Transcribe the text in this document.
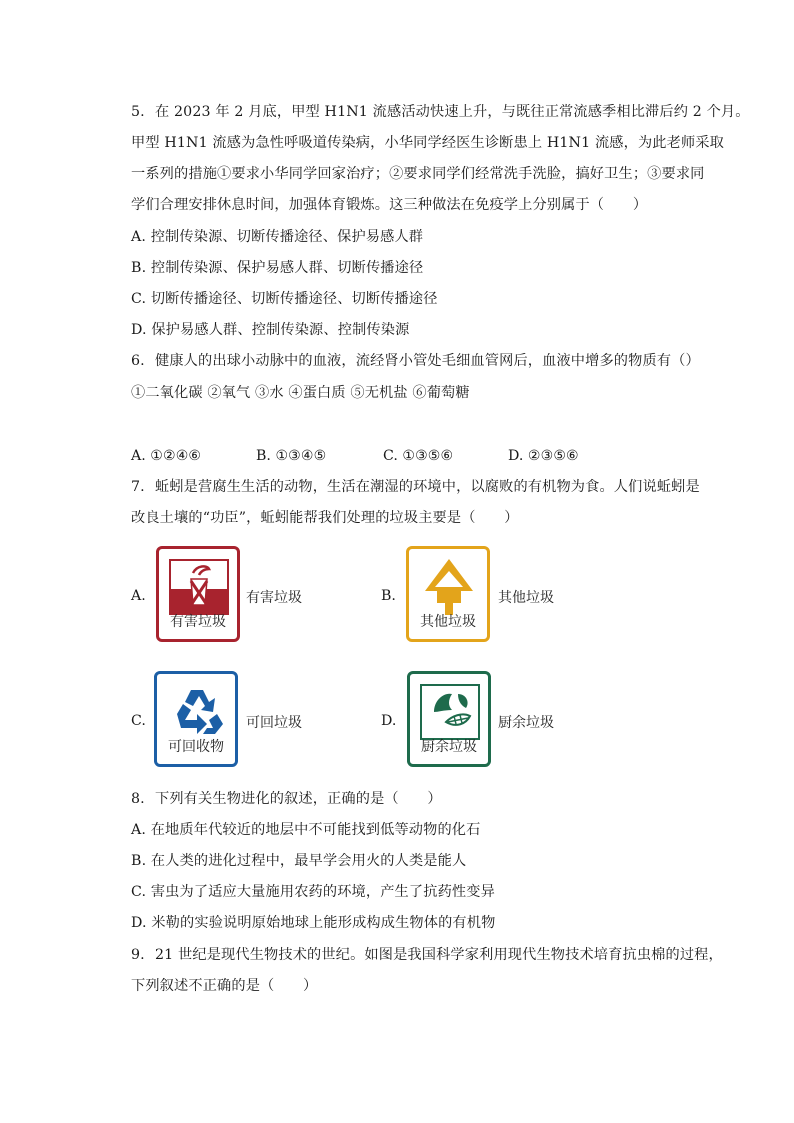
5. 在 2023 年 2 月底，甲型 H1N1 流感活动快速上升，与既往正常流感季相比滞后约 2 个月。
甲型 H1N1 流感为急性呼吸道传染病，小华同学经医生诊断患上 H1N1 流感，为此老师采取
一系列的措施①要求小华同学回家治疗；②要求同学们经常洗手洗脸，搞好卫生；③要求同
学们合理安排休息时间，加强体育锻炼。这三种做法在免疫学上分别属于（　　）
A. 控制传染源、切断传播途径、保护易感人群
B. 控制传染源、保护易感人群、切断传播途径
C. 切断传播途径、切断传播途径、切断传播途径
D. 保护易感人群、控制传染源、控制传染源
6. 健康人的出球小动脉中的血液，流经肾小管处毛细血管网后，血液中增多的物质有（）
①二氧化碳 ②氧气 ③水 ④蛋白质 ⑤无机盐 ⑥葡萄糖
A. ①②④⑥	B. ①③④⑤	C. ①③⑤⑥	D. ②③⑤⑥
7. 蚯蚓是营腐生生活的动物，生活在潮湿的环境中，以腐败的有机物为食。人们说蚯蚓是
改良土壤的“功臣”，蚯蚓能帮我们处理的垃圾主要是（　　）
A.
有害垃圾
有害垃圾	B.
其他垃圾
其他垃圾
C.
可回收物
可回垃圾	D.
厨余垃圾
厨余垃圾
8. 下列有关生物进化的叙述，正确的是（　　）
A. 在地质年代较近的地层中不可能找到低等动物的化石
B. 在人类的进化过程中，最早学会用火的人类是能人
C. 害虫为了适应大量施用农药的环境，产生了抗药性变异
D. 米勒的实验说明原始地球上能形成构成生物体的有机物
9. 21 世纪是现代生物技术的世纪。如图是我国科学家利用现代生物技术培育抗虫棉的过程，
下列叙述不正确的是（　　）
